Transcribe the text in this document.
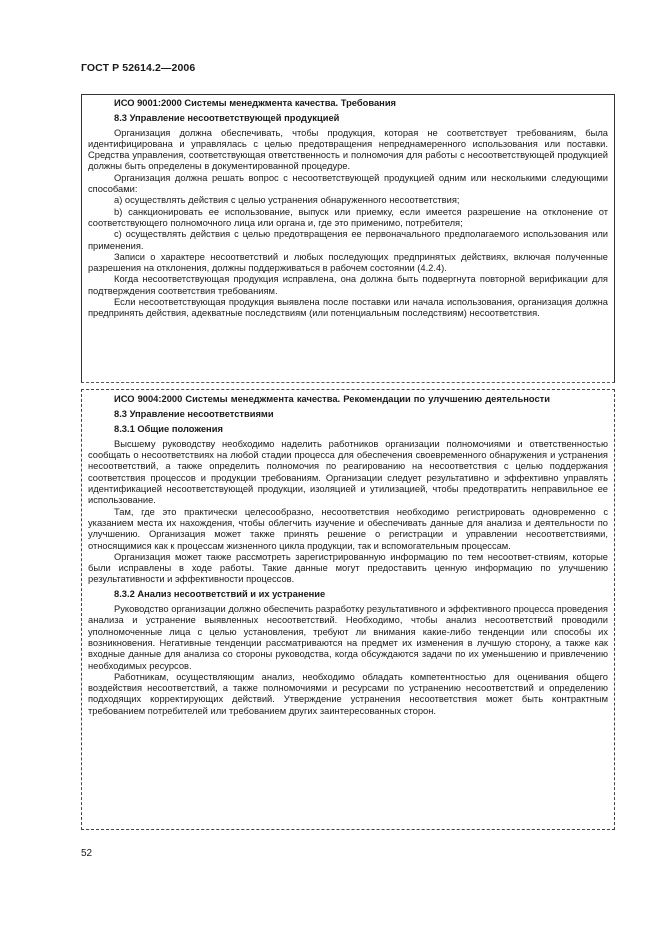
ГОСТ Р 52614.2—2006

ИСО 9001:2000 Системы менеджмента качества. Требования

8.3 Управление несоответствующей продукцией

Организация должна обеспечивать, чтобы продукция, которая не соответствует требованиям, была идентифицирована и управлялась с целью предотвращения непреднамеренного использования или поставки. Средства управления, соответствующая ответственность и полномочия для работы с несоответствующей продукцией должны быть определены в документированной процедуре.

Организация должна решать вопрос с несоответствующей продукцией одним или несколькими следующими способами:

a) осуществлять действия с целью устранения обнаруженного несоответствия;

b) санкционировать ее использование, выпуск или приемку, если имеется разрешение на отклонение от соответствующего полномочного лица или органа и, где это применимо, потребителя;

c) осуществлять действия с целью предотвращения ее первоначального предполагаемого использования или применения.

Записи о характере несоответствий и любых последующих предпринятых действиях, включая полученные разрешения на отклонения, должны поддерживаться в рабочем состоянии (4.2.4).

Когда несоответствующая продукция исправлена, она должна быть подвергнута повторной верификации для подтверждения соответствия требованиям.

Если несоответствующая продукция выявлена после поставки или начала использования, организация должна предпринять действия, адекватные последствиям (или потенциальным последствиям) несоответствия.

ИСО 9004:2000 Системы менеджмента качества. Рекомендации по улучшению деятельности

8.3 Управление несоответствиями

8.3.1 Общие положения

Высшему руководству необходимо наделить работников организации полномочиями и ответственностью сообщать о несоответствиях на любой стадии процесса для обеспечения своевременного обнаружения и устранения несоответствий, а также определить полномочия по реагированию на несоответствия с целью поддержания соответствия процессов и продукции требованиям. Организации следует результативно и эффективно управлять идентификацией несоответствующей продукции, изоляцией и утилизацией, чтобы предотвратить неправильное ее использование.

Там, где это практически целесообразно, несоответствия необходимо регистрировать одновременно с указанием места их нахождения, чтобы облегчить изучение и обеспечивать данные для анализа и деятельности по улучшению. Организация может также принять решение о регистрации и управлении несоответствиями, относящимися как к процессам жизненного цикла продукции, так и вспомогательным процессам.

Организация может также рассмотреть зарегистрированную информацию по тем несоответ-ствиям, которые были исправлены в ходе работы. Такие данные могут предоставить ценную информацию по улучшению результативности и эффективности процессов.

8.3.2 Анализ несоответствий и их устранение

Руководство организации должно обеспечить разработку результативного и эффективного процесса проведения анализа и устранение выявленных несоответствий. Необходимо, чтобы анализ несоответствий проводили уполномоченные лица с целью установления, требуют ли внимания какие-либо тенденции или способы их возникновения. Негативные тенденции рассматриваются на предмет их изменения в лучшую сторону, а также как входные данные для анализа со стороны руководства, когда обсуждаются задачи по их уменьшению и привлечению необходимых ресурсов.

Работникам, осуществляющим анализ, необходимо обладать компетентностью для оценивания общего воздействия несоответствий, а также полномочиями и ресурсами по устранению несоответствий и определению подходящих корректирующих действий. Утверждение устранения несоответствия может быть контрактным требованием потребителей или требованием других заинтересованных сторон.

52
